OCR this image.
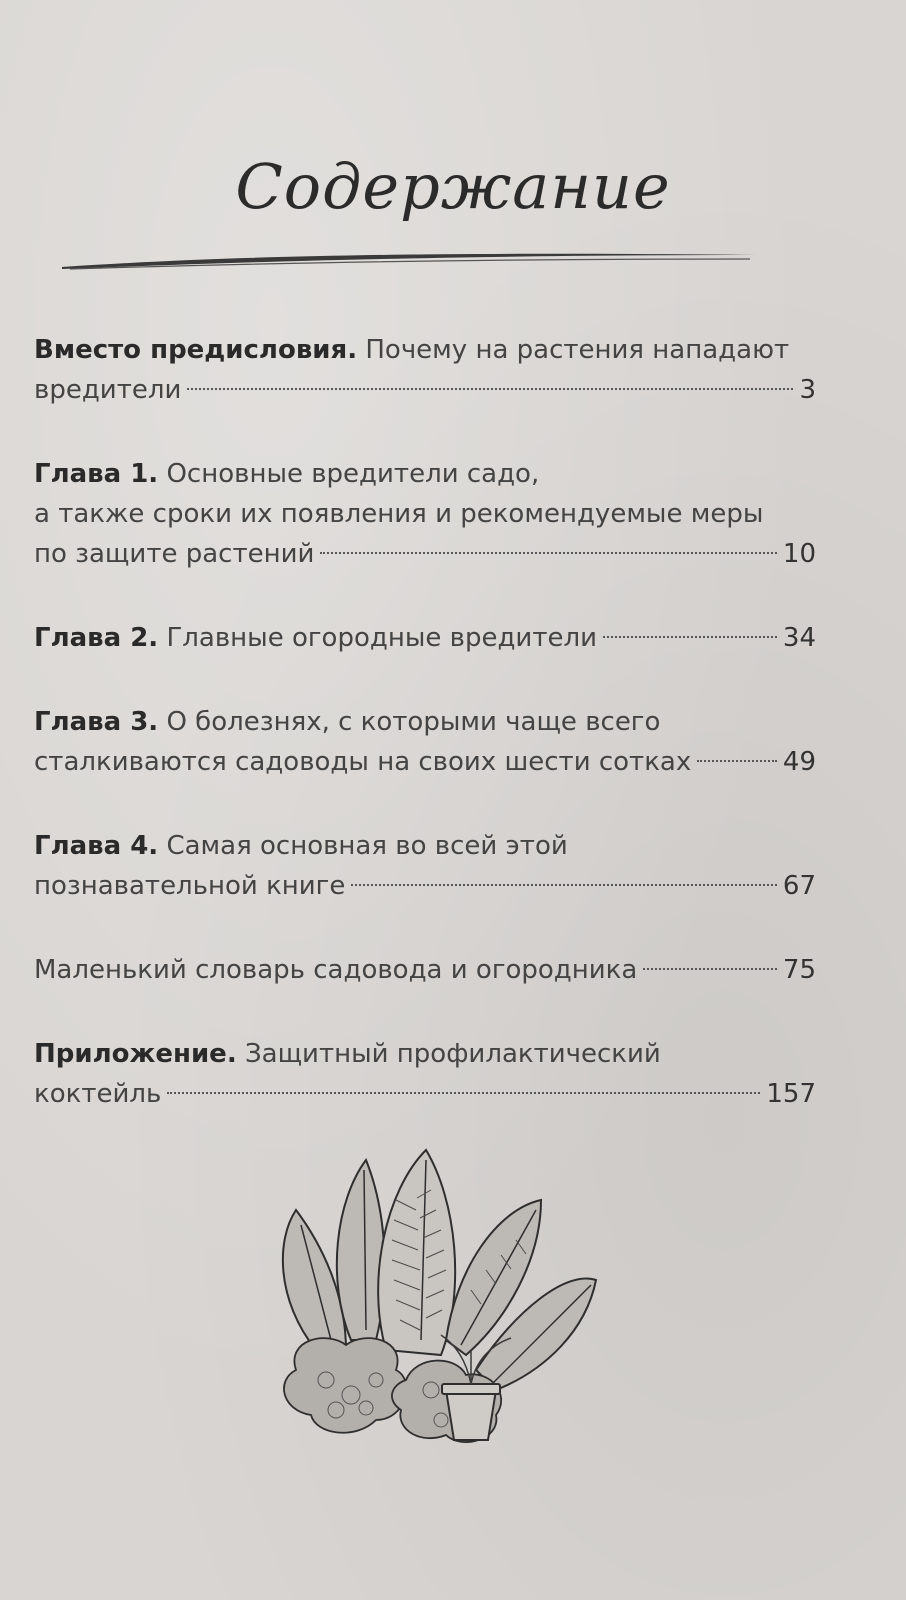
Содержание
Вместо предисловия. Почему на растения нападают
вредители	3
Глава 1. Основные вредители садо,
а также сроки их появления и рекомендуемые меры
по защите растений	10
Глава 2. Главные огородные вредители	34
Глава 3. О болезнях, с которыми чаще всего
сталкиваются садоводы на своих шести сотках	49
Глава 4. Самая основная во всей этой
познавательной книге	67
Маленький словарь садовода и огородника	75
Приложение. Защитный профилактический
коктейль	157
